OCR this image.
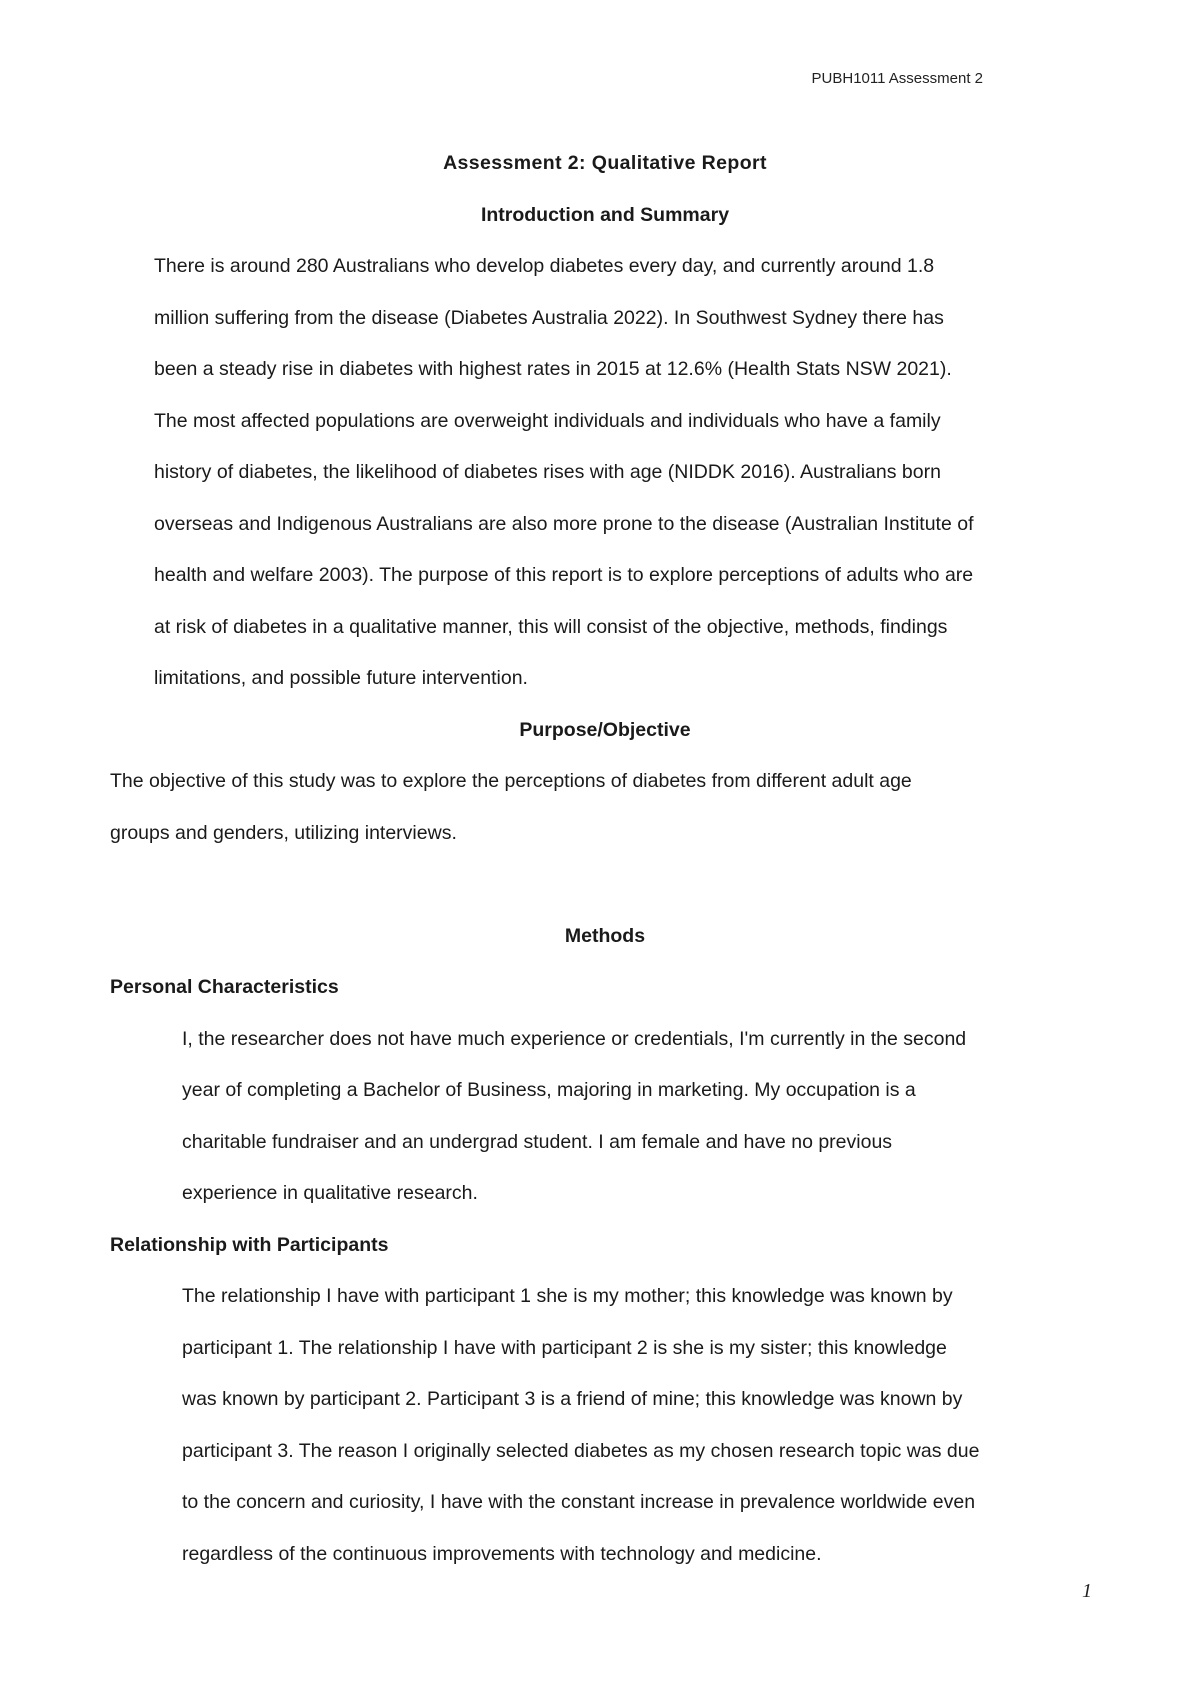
PUBH1011 Assessment 2
Assessment 2: Qualitative Report
Introduction and Summary
There is around 280 Australians who develop diabetes every day, and currently around 1.8
million suffering from the disease (Diabetes Australia 2022). In Southwest Sydney there has
been a steady rise in diabetes with highest rates in 2015 at 12.6% (Health Stats NSW 2021).
The most affected populations are overweight individuals and individuals who have a family
history of diabetes, the likelihood of diabetes rises with age (NIDDK 2016). Australians born
overseas and Indigenous Australians are also more prone to the disease (Australian Institute of
health and welfare 2003). The purpose of this report is to explore perceptions of adults who are
at risk of diabetes in a qualitative manner, this will consist of the objective, methods, findings
limitations, and possible future intervention.
Purpose/Objective
The objective of this study was to explore the perceptions of diabetes from different adult age
groups and genders, utilizing interviews.
Methods
Personal Characteristics
I, the researcher does not have much experience or credentials, I'm currently in the second
year of completing a Bachelor of Business, majoring in marketing. My occupation is a
charitable fundraiser and an undergrad student. I am female and have no previous
experience in qualitative research.
Relationship with Participants
The relationship I have with participant 1 she is my mother; this knowledge was known by
participant 1. The relationship I have with participant 2 is she is my sister; this knowledge
was known by participant 2. Participant 3 is a friend of mine; this knowledge was known by
participant 3. The reason I originally selected diabetes as my chosen research topic was due
to the concern and curiosity, I have with the constant increase in prevalence worldwide even
regardless of the continuous improvements with technology and medicine.
1
